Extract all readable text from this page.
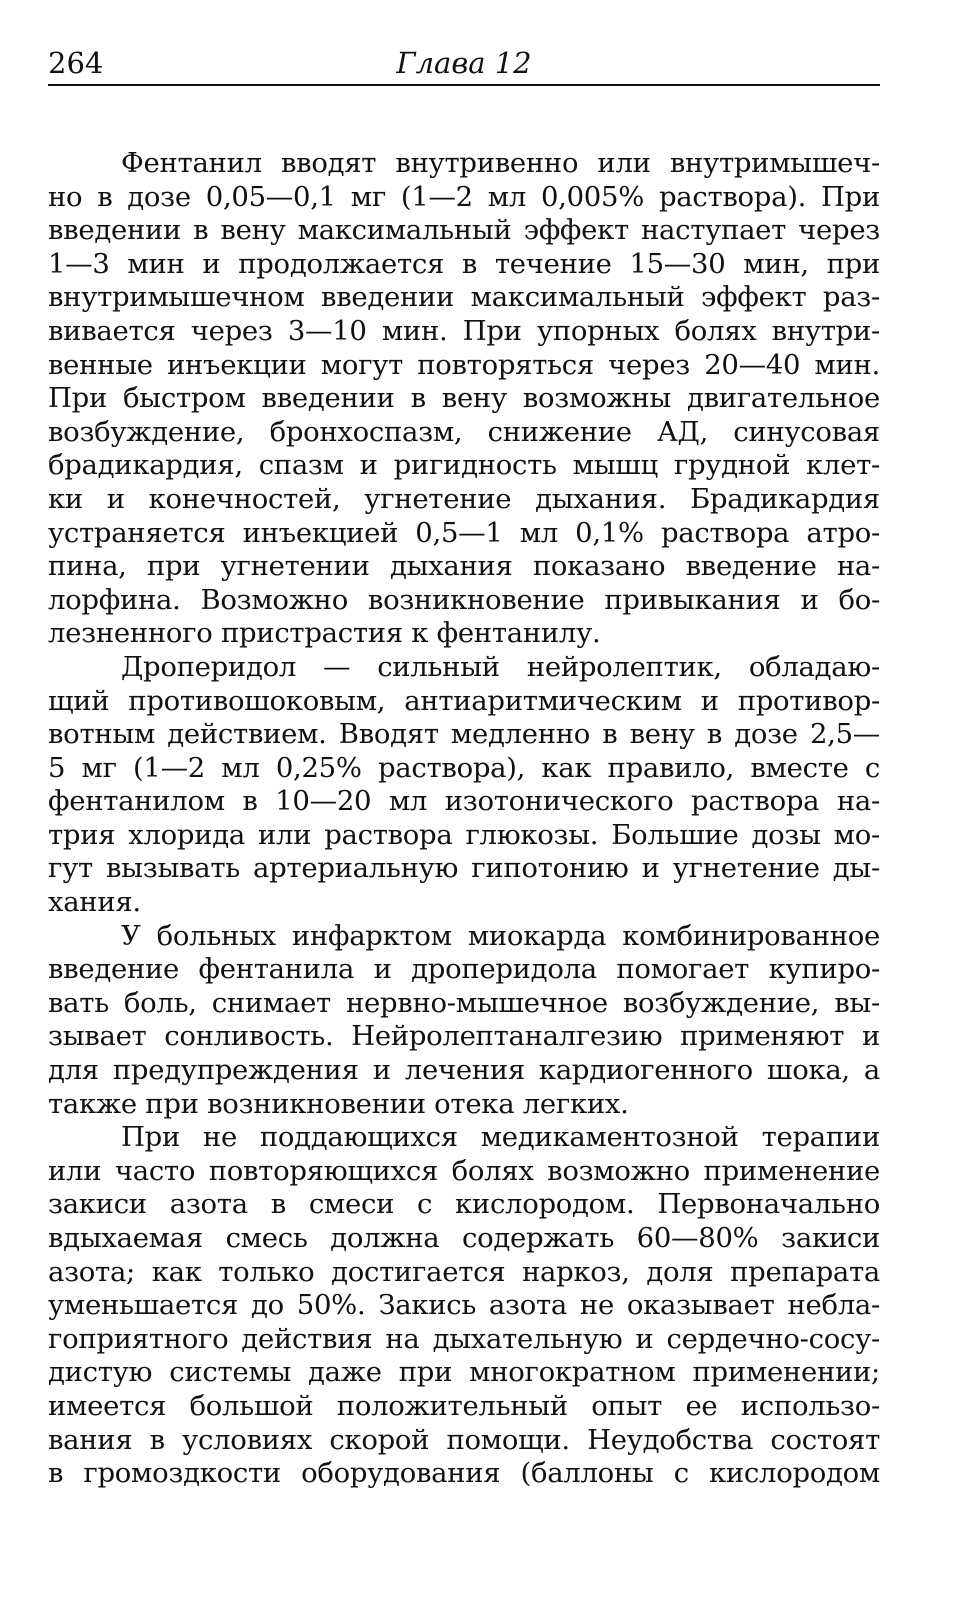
264	Глава 12
Фентанил вводят внутривенно или внутримышеч-
но в дозе 0,05—0,1 мг (1—2 мл 0,005% раствора). При
введении в вену максимальный эффект наступает через
1—3 мин и продолжается в течение 15—30 мин, при
внутримышечном введении максимальный эффект раз-
вивается через 3—10 мин. При упорных болях внутри-
венные инъекции могут повторяться через 20—40 мин.
При быстром введении в вену возможны двигательное
возбуждение, бронхоспазм, снижение АД, синусовая
брадикардия, спазм и ригидность мышц грудной клет-
ки и конечностей, угнетение дыхания. Брадикардия
устраняется инъекцией 0,5—1 мл 0,1% раствора атро-
пина, при угнетении дыхания показано введение на-
лорфина. Возможно возникновение привыкания и бо-
лезненного пристрастия к фентанилу.
Дроперидол — сильный нейролептик, обладаю-
щий противошоковым, антиаритмическим и противор-
вотным действием. Вводят медленно в вену в дозе 2,5—
5 мг (1—2 мл 0,25% раствора), как правило, вместе с
фентанилом в 10—20 мл изотонического раствора на-
трия хлорида или раствора глюкозы. Большие дозы мо-
гут вызывать артериальную гипотонию и угнетение ды-
хания.
У больных инфарктом миокарда комбинированное
введение фентанила и дроперидола помогает купиро-
вать боль, снимает нервно-мышечное возбуждение, вы-
зывает сонливость. Нейролептаналгезию применяют и
для предупреждения и лечения кардиогенного шока, а
также при возникновении отека легких.
При не поддающихся медикаментозной терапии
или часто повторяющихся болях возможно применение
закиси азота в смеси с кислородом. Первоначально
вдыхаемая смесь должна содержать 60—80% закиси
азота; как только достигается наркоз, доля препарата
уменьшается до 50%. Закись азота не оказывает небла-
гоприятного действия на дыхательную и сердечно-сосу-
дистую системы даже при многократном применении;
имеется большой положительный опыт ее использо-
вания в условиях скорой помощи. Неудобства состоят
в громоздкости оборудования (баллоны с кислородом
